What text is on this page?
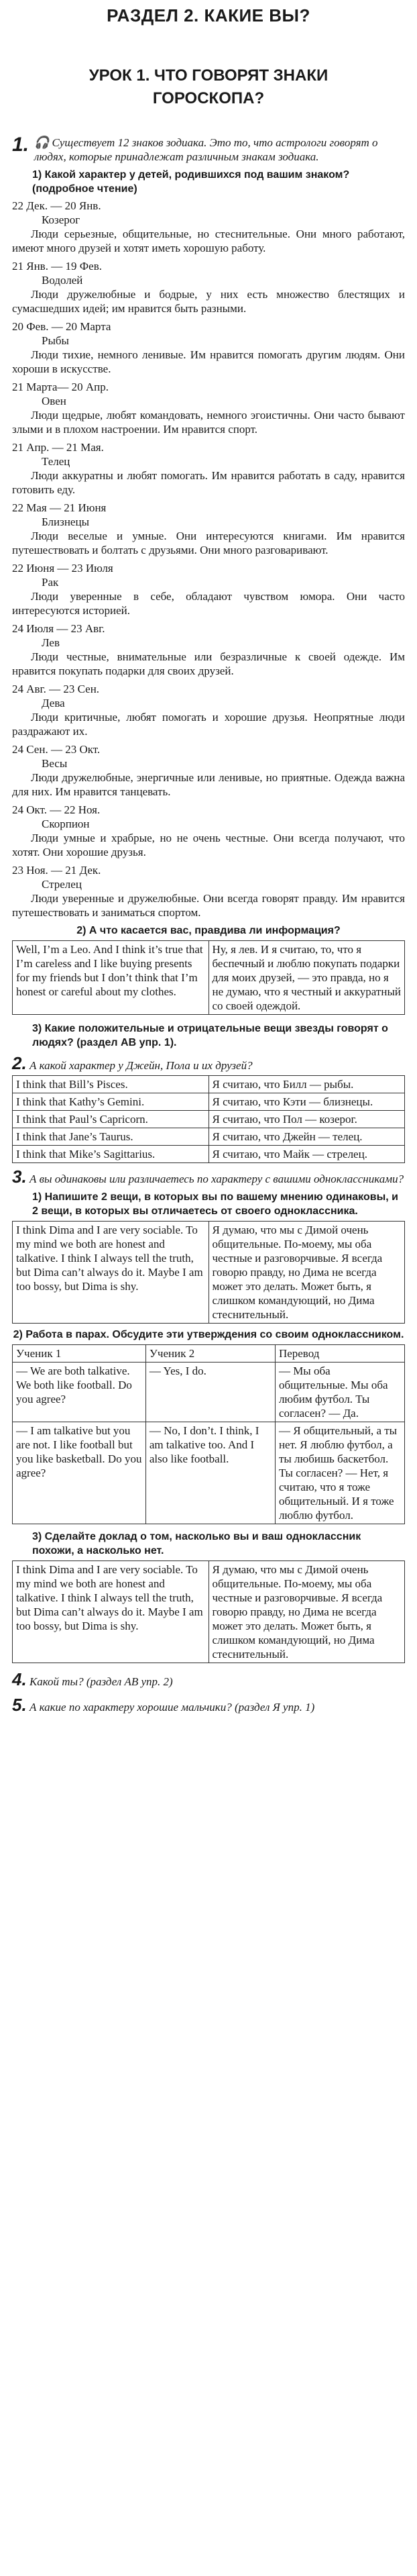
РАЗДЕЛ 2. КАКИЕ ВЫ?
УРОК 1. ЧТО ГОВОРЯТ ЗНАКИ
ГОРОСКОПА?

1. 🎧 Существует 12 знаков зодиака. Это то, что астрологи говорят о людях, которые принадлежат различным знакам зодиака.

1) Какой характер у детей, родившихся под вашим знаком? (подробное чтение)
22 Дек. — 20 Янв.
Козерог
Люди серьезные, общительные, но стеснительные. Они много работают, имеют много друзей и хотят иметь хорошую работу.
21 Янв. — 19 Фев.
Водолей
Люди дружелюбные и бодрые, у них есть множество блестящих и сумасшедших идей; им нравится быть разными.
20 Фев. — 20 Марта
Рыбы
Люди тихие, немного ленивые. Им нравится помогать другим людям. Они хороши в искусстве.
21 Марта— 20 Апр.
Овен
Люди щедрые, любят командовать, немного эгоистичны. Они часто бывают злыми и в плохом настроении. Им нравится спорт.
21 Апр. — 21 Мая.
Телец
Люди аккуратны и любят помогать. Им нравится работать в саду, нравится готовить еду.
22 Мая — 21 Июня
Близнецы
Люди веселые и умные. Они интересуются книгами. Им нравится путешествовать и болтать с друзьями. Они много разговаривают.
22 Июня — 23 Июля
Рак
Люди уверенные в себе, обладают чувством юмора. Они часто интересуются историей.
24 Июля — 23 Авг.
Лев
Люди честные, внимательные или безразличные к своей одежде. Им нравится покупать подарки для своих друзей.
24 Авг. — 23 Сен.
Дева
Люди критичные, любят помогать и хорошие друзья. Неопрятные люди раздражают их.
24 Сен. — 23 Окт.
Весы
Люди дружелюбные, энергичные или ленивые, но приятные. Одежда важна для них. Им нравится танцевать.
24 Окт. — 22 Ноя.
Скорпион
Люди умные и храбрые, но не очень честные. Они всегда получают, что хотят. Они хорошие друзья.
23 Ноя. — 21 Дек.
Стрелец
Люди уверенные и дружелюбные. Они всегда говорят правду. Им нравится путешествовать и заниматься спортом.
2) А что касается вас, правдива ли информация?
Well, I’m a Leo. And I think it’s true that I’m careless and I like buying presents for my friends but I don’t think that I’m honest or careful about my clothes.	Ну, я лев. И я считаю, то, что я беспечный и люблю покупать подарки для моих друзей, — это правда, но я не думаю, что я честный и аккуратный со своей одеждой.
3) Какие положительные и отрицательные вещи звезды говорят о людях? (раздел АВ упр. 1).

2. А какой характер у Джейн, Пола и их друзей?

I think that Bill’s Pisces.	Я считаю, что Билл — рыбы.
I think that Kathy’s Gemini.	Я считаю, что Кэти — близнецы.
I think that Paul’s Capricorn.	Я считаю, что Пол — козерог.
I think that Jane’s Taurus.	Я считаю, что Джейн — телец.
I think that Mike’s Sagittarius.	Я считаю, что Майк — стрелец.

3. А вы одинаковы или различаетесь по характеру с вашими одноклассниками?

1) Напишите 2 вещи, в которых вы по вашему мнению одинаковы, и 2 вещи, в которых вы отличаетесь от своего одноклассника.
I think Dima and I are very sociable. To my mind we both are honest and talkative. I think I always tell the truth, but Dima can’t always do it. Maybe I am too bossy, but Dima is shy.	Я думаю, что мы с Димой очень общительные. По-моему, мы оба честные и разговорчивые. Я всегда говорю правду, но Дима не всегда может это делать. Может быть, я слишком командующий, но Дима стеснительный.
2) Работа в парах. Обсудите эти утверждения со своим одноклассником.
Ученик 1	Ученик 2	Перевод
— We are both talkative. We both like football. Do you agree?	— Yes, I do.	— Мы оба общительные. Мы оба любим футбол. Ты согласен? — Да.
— I am talkative but you are not. I like football but you like basketball. Do you agree?	— No, I don’t. I think, I am talkative too. And I also like football.	— Я общительный, а ты нет. Я люблю футбол, а ты любишь баскетбол. Ты согласен? — Нет, я считаю, что я тоже общительный. И я тоже люблю футбол.
3) Сделайте доклад о том, насколько вы и ваш одноклассник похожи, а насколько нет.
I think Dima and I are very sociable. To my mind we both are honest and talkative. I think I always tell the truth, but Dima can’t always do it. Maybe I am too bossy, but Dima is shy.	Я думаю, что мы с Димой очень общительные. По-моему, мы оба честные и разговорчивые. Я всегда говорю правду, но Дима не всегда может это делать. Может быть, я слишком командующий, но Дима стеснительный.

4. Какой ты? (раздел АВ упр. 2)

5. А какие по характеру хорошие мальчики? (раздел Я упр. 1)
